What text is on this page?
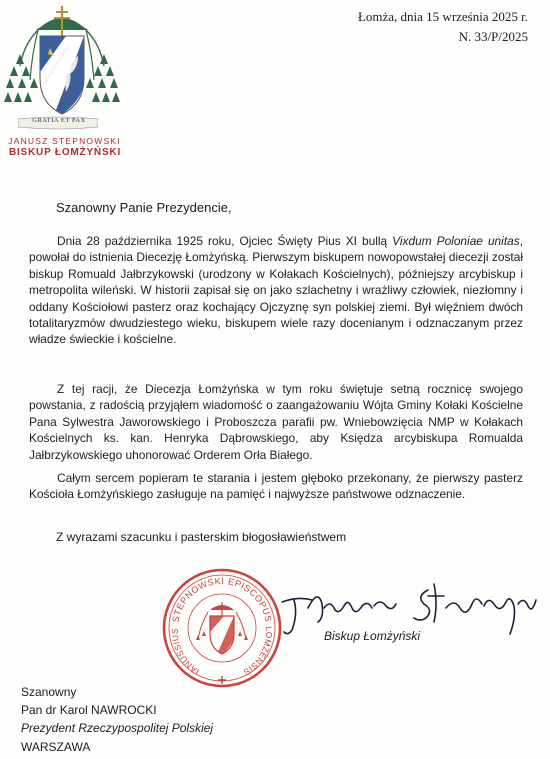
GRATIA ET PAX
JANUSZ STEPNOWSKI
BISKUP ŁOMŻYŃSKI
Łomża, dnia 15 września 2025 r.
N. 33/P/2025
Szanowny Panie Prezydencie,
Dnia 28 października 1925 roku, Ojciec Święty Pius XI bullą Vixdum Poloniae unitas, powołał do istnienia Diecezję Łomżyńską. Pierwszym biskupem nowopowstałej diecezji został biskup Romuald Jałbrzykowski (urodzony w Kołakach Kościelnych), późniejszy arcybiskup i metropolita wileński. W historii zapisał się on jako szlachetny i wrażliwy człowiek, niezłomny i oddany Kościołowi pasterz oraz kochający Ojczyznę syn polskiej ziemi. Był więźniem dwóch totalitaryzmów dwudziestego wieku, biskupem wiele razy docenianym i odznaczanym przez władze świeckie i kościelne.
Z tej racji, że Diecezja Łomżyńska w tym roku świętuje setną rocznicę swojego powstania, z radością przyjąłem wiadomość o zaangażowaniu Wójta Gminy Kołaki Kościelne Pana Sylwestra Jaworowskiego i Proboszcza parafii pw. Wniebowzięcia NMP w Kołakach Kościelnych ks. kan. Henryka Dąbrowskiego, aby Księdza arcybiskupa Romualda Jałbrzykowskiego uhonorować Orderem Orła Białego.
Całym sercem popieram te starania i jestem głęboko przekonany, że pierwszy pasterz Kościoła Łomżyńskiego zasługuje na pamięć i najwyższe państwowe odznaczenie.
Z wyrazami szacunku i pasterskim błogosławieństwem
STEPNOWSKI EPISCOPUS
IANUSSIUS	LOMZENSIS
Biskup Łomżyński
Szanowny
Pan dr Karol NAWROCKI
Prezydent Rzeczypospolitej Polskiej
WARSZAWA
